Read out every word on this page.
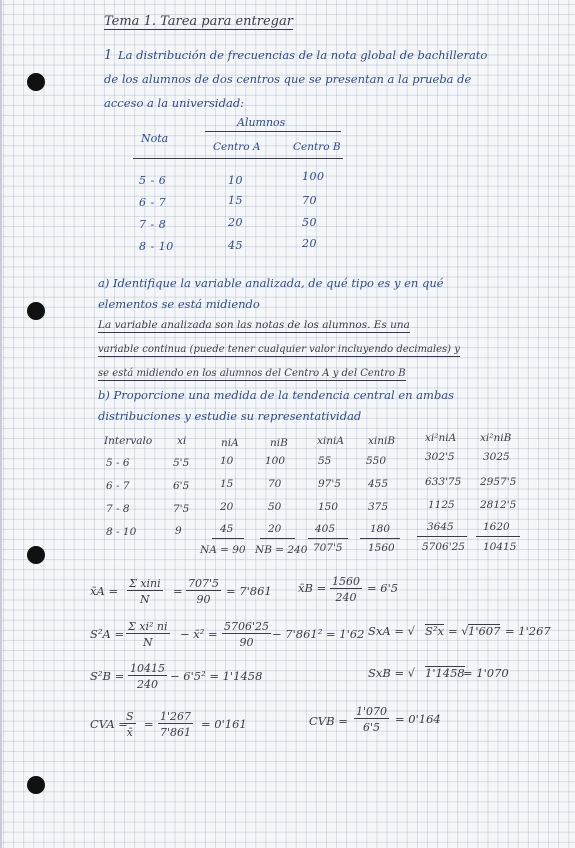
Tema 1. Tarea para entregar
1 La distribución de frecuencias de la nota global de bachillerato
de los alumnos de dos centros que se presentan a la prueba de
acceso a la universidad:
Alumnos
Nota
Centro A	Centro B
5 - 6	10	100
6 - 7	15	70
7 - 8	20	50
8 - 10	45	20
a) Identifique la variable analizada, de qué tipo es y en qué
elementos se está midiendo
La variable analizada son las notas de los alumnos. Es una
variable continua (puede tener cualquier valor incluyendo decimales) y
se está midiendo en los alumnos del Centro A y del Centro B
b) Proporcione una medida de la tendencia central en ambas
distribuciones y estudie su representatividad
Intervalo xi	niA	niB	xiniA xiniB	xi²niA xi²niB
5 - 6	5'5	10	100	55	550	302'5	3025
6 - 7	6'5	15	70	97'5	455	633'75 2957'5
7 - 8	7'5	20	50	150	375	1125 2812'5
8 - 10	9	45	20	405	180	3645	1620
NA = 90 NB = 240 707'5 1560	5706'25 10415
x̄A =
Σ xini
N
= $\frac{707'5}{90} = 7'861$ x̄B = $\frac{1560}{240} = 6'5$
$S^2A = \frac{\text{Σ xi² ni}}{N}$ − x̄² = $\frac{5706'25}{90} - 7'861^2 = 1'62$ SxA = √ S²x = √ 1'607 = 1'267
$S^2B = \frac{10415}{240} - 6'5^2 = 1'1458$	SxB = √ 1'1458
= 1'070
CVA =
$\frac{S}{x̄} = \frac{1'267}{7'861} = 0'161$	CVB = $\frac{1'070}{6'5} = 0'164$
